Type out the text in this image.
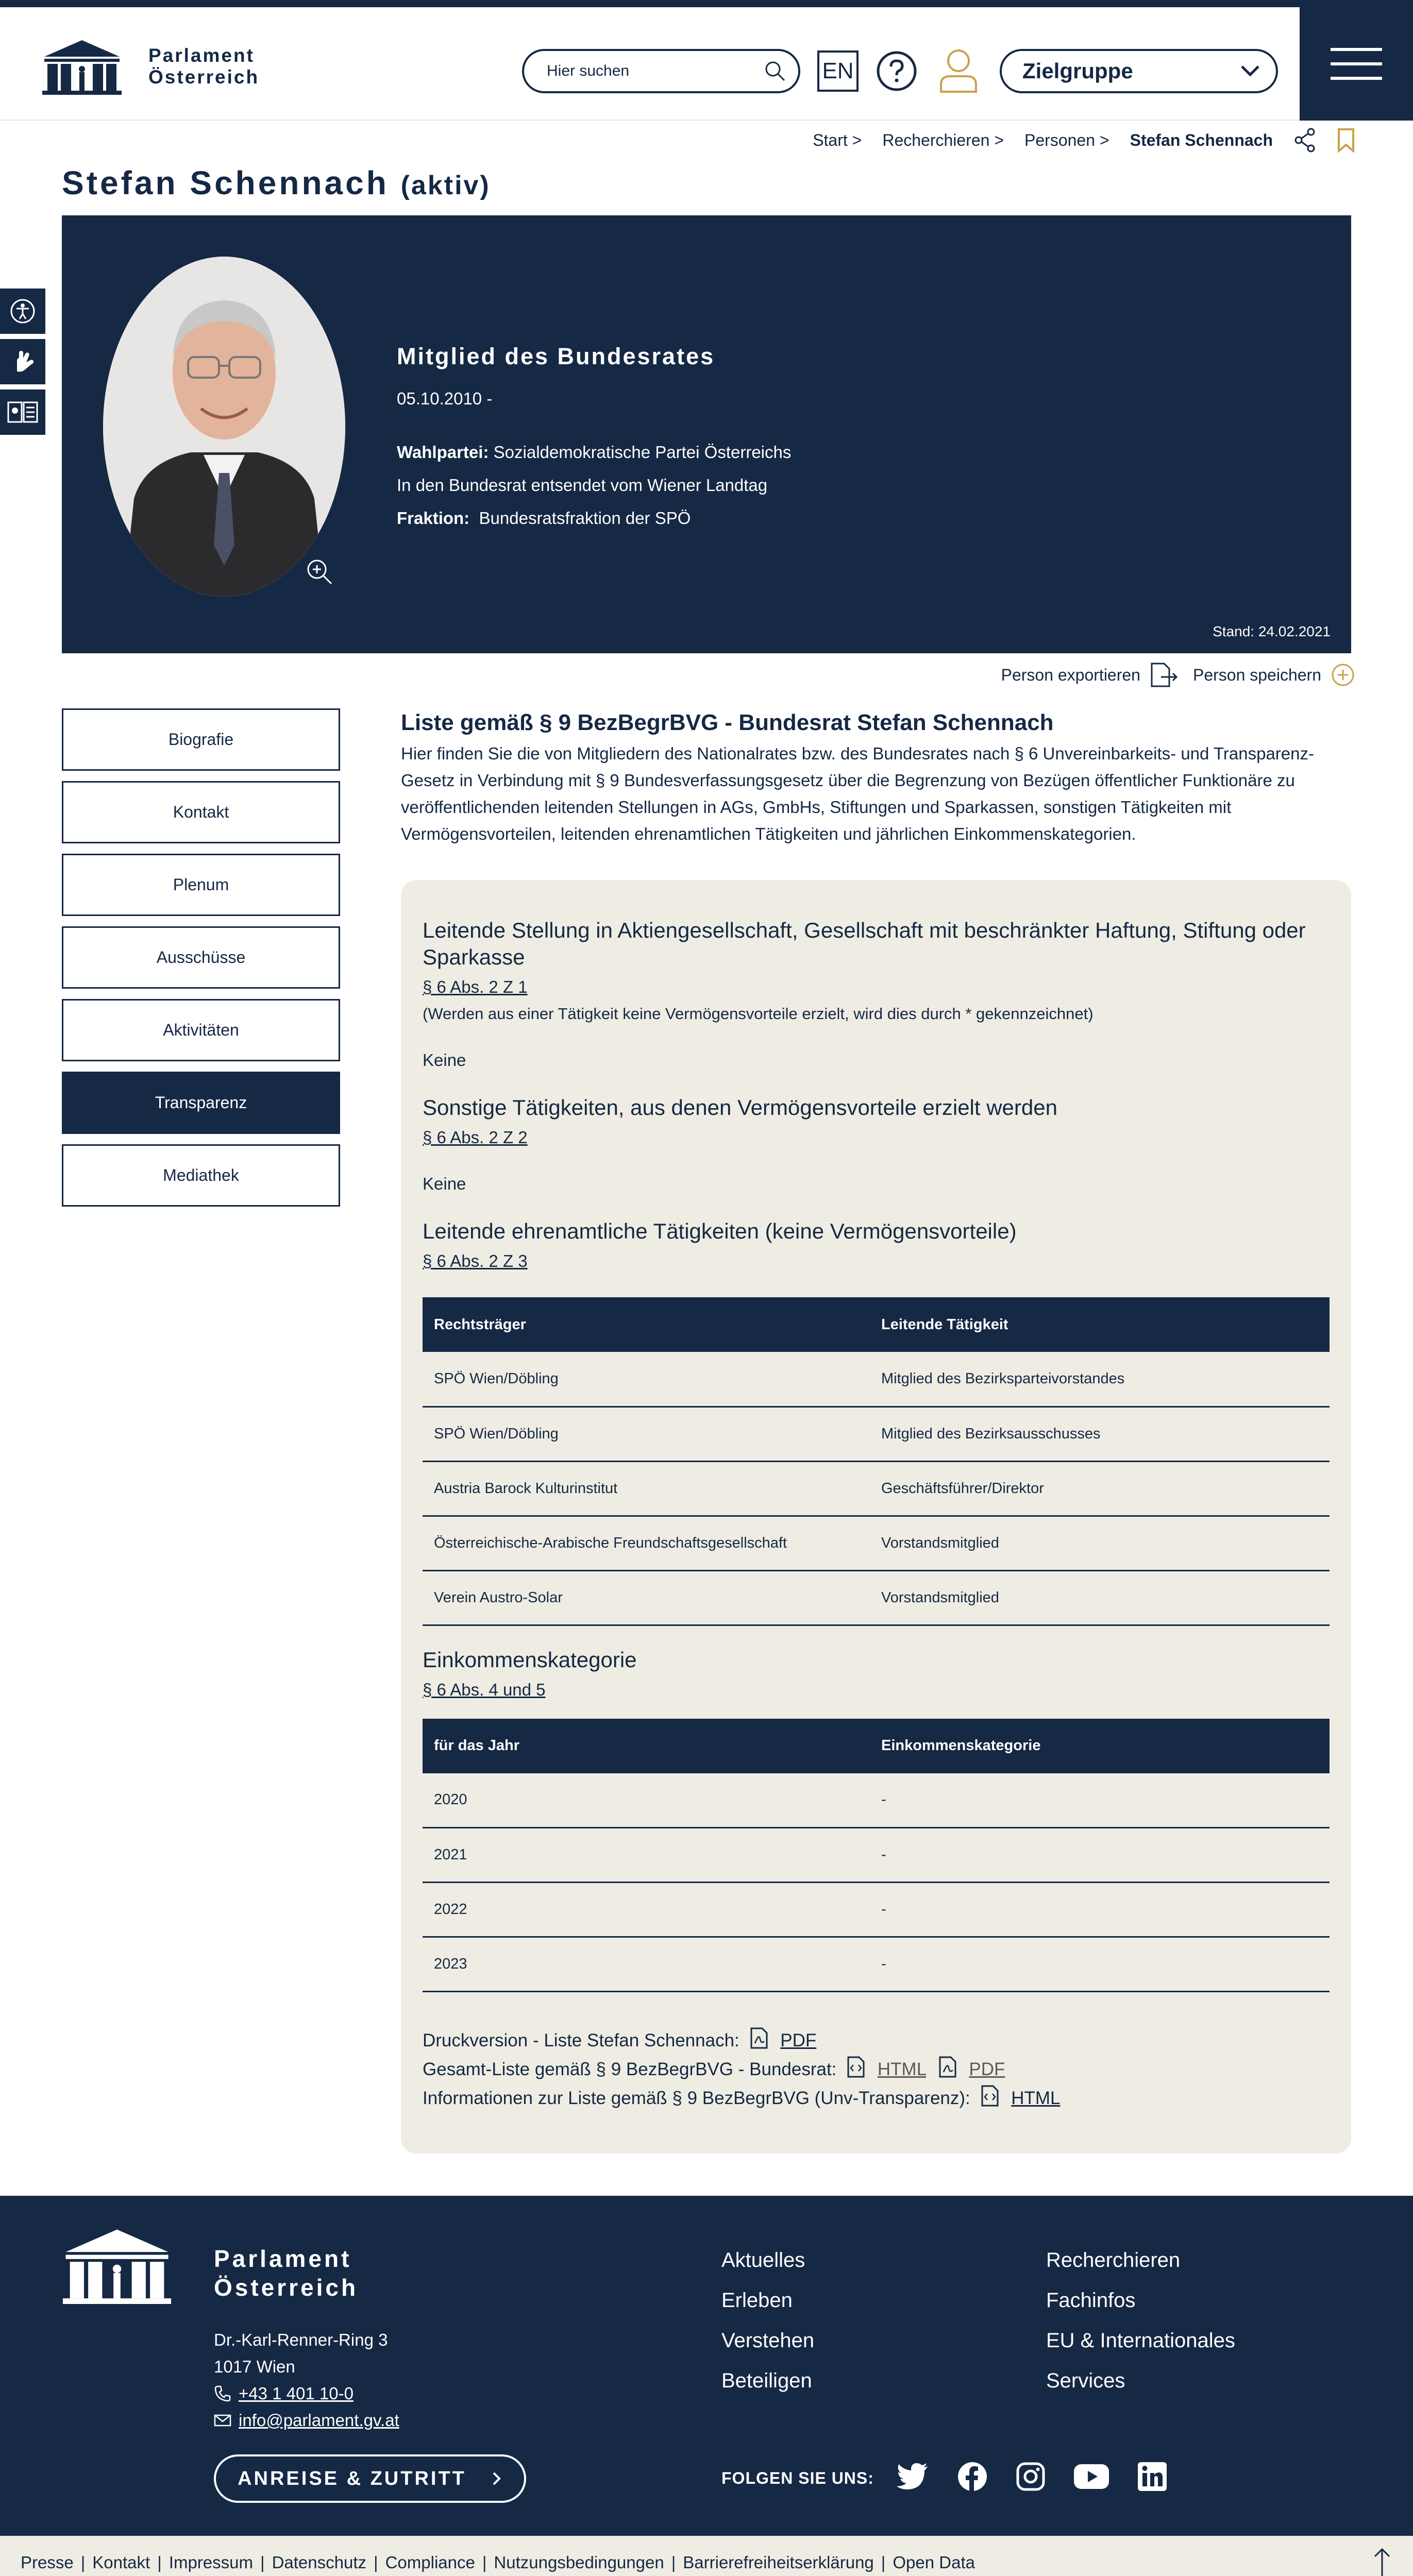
Parlament
Österreich
Hier suchen	EN	Zielgruppe
Start > Recherchieren > Personen > Stefan Schennach
Stefan Schennach (aktiv)
Mitglied des Bundesrates
05.10.2010 -
Wahlpartei: Sozialdemokratische Partei Österreichs
In den Bundesrat entsendet vom Wiener Landtag
Fraktion: Bundesratsfraktion der SPÖ
Stand: 24.02.2021
Person exportieren	Person speichern
Biografie
Kontakt
Plenum
Ausschüsse
Aktivitäten
Transparenz
Mediathek
Liste gemäß § 9 BezBegrBVG - Bundesrat Stefan Schennach

Hier finden Sie die von Mitgliedern des Nationalrates bzw. des Bundesrates nach § 6 Unvereinbarkeits- und Transparenz-Gesetz in Verbindung mit § 9 Bundesverfassungsgesetz über die Begrenzung von Bezügen öffentlicher Funktionäre zu veröffentlichenden leitenden Stellungen in AGs, GmbHs, Stiftungen und Sparkassen, sonstigen Tätigkeiten mit Vermögensvorteilen, leitenden ehrenamtlichen Tätigkeiten und jährlichen Einkommenskategorien.

Leitende Stellung in Aktiengesellschaft, Gesellschaft mit beschränkter Haftung, Stiftung oder Sparkasse
§ 6 Abs. 2 Z 1
(Werden aus einer Tätigkeit keine Vermögensvorteile erzielt, wird dies durch * gekennzeichnet)
Keine
Sonstige Tätigkeiten, aus denen Vermögensvorteile erzielt werden
§ 6 Abs. 2 Z 2
Keine
Leitende ehrenamtliche Tätigkeiten (keine Vermögensvorteile)
§ 6 Abs. 2 Z 3
Rechtsträger	Leitende Tätigkeit
SPÖ Wien/Döbling	Mitglied des Bezirksparteivorstandes
SPÖ Wien/Döbling	Mitglied des Bezirksausschusses
Austria Barock Kulturinstitut	Geschäftsführer/Direktor
Österreichische-Arabische Freundschaftsgesellschaft	Vorstandsmitglied
Verein Austro-Solar	Vorstandsmitglied
Einkommenskategorie
§ 6 Abs. 4 und 5
für das Jahr	Einkommenskategorie
2020	-
2021	-
2022	-
2023	-
Druckversion - Liste Stefan Schennach: PDF
Gesamt-Liste gemäß § 9 BezBegrBVG - Bundesrat: HTML PDF
Informationen zur Liste gemäß § 9 BezBegrBVG (Unv-Transparenz): HTML
Parlament
Österreich
Dr.-Karl-Renner-Ring 3
1017 Wien
+43 1 401 10-0
info@parlament.gv.at
ANREISE & ZUTRITT
Aktuelles
Erleben
Verstehen
Beteiligen
Recherchieren
Fachinfos
EU & Internationales
Services
FOLGEN SIE UNS:
Presse | Kontakt | Impressum | Datenschutz | Compliance | Nutzungsbedingungen | Barrierefreiheitserklärung | Open Data
